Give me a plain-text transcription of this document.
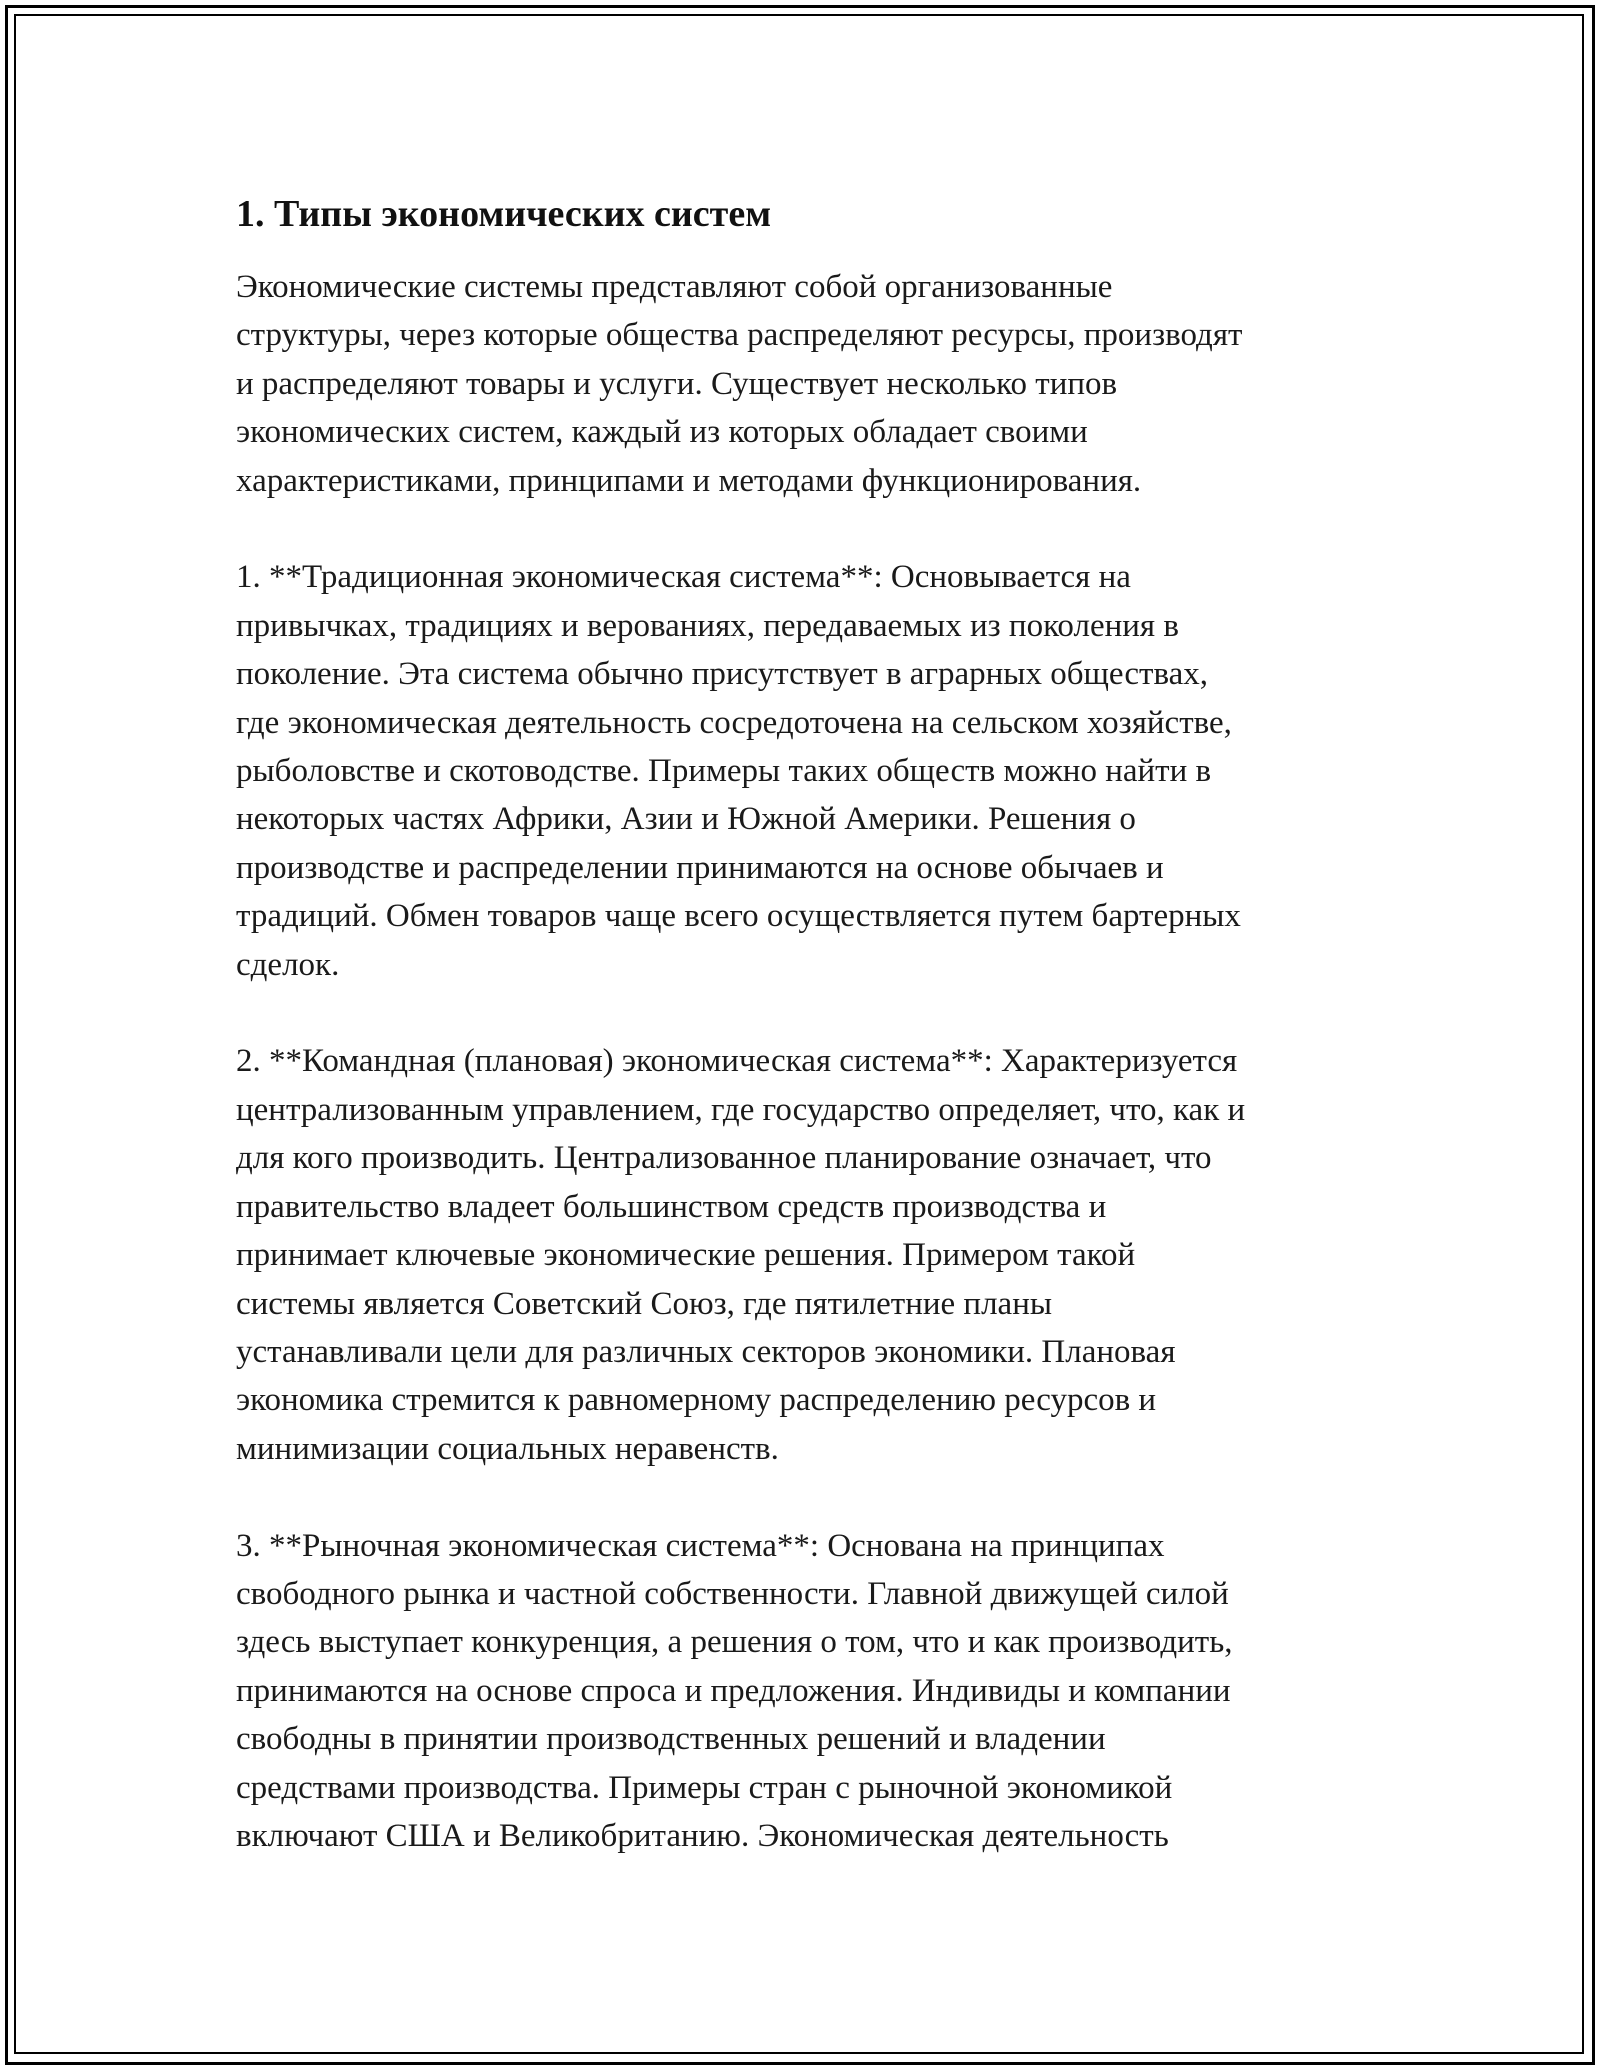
1. Типы экономических систем

Экономические системы представляют собой организованные
структуры, через которые общества распределяют ресурсы, производят
и распределяют товары и услуги. Существует несколько типов
экономических систем, каждый из которых обладает своими
характеристиками, принципами и методами функционирования.

1. **Традиционная экономическая система**: Основывается на
привычках, традициях и верованиях, передаваемых из поколения в
поколение. Эта система обычно присутствует в аграрных обществах,
где экономическая деятельность сосредоточена на сельском хозяйстве,
рыболовстве и скотоводстве. Примеры таких обществ можно найти в
некоторых частях Африки, Азии и Южной Америки. Решения о
производстве и распределении принимаются на основе обычаев и
традиций. Обмен товаров чаще всего осуществляется путем бартерных
сделок.

2. **Командная (плановая) экономическая система**: Характеризуется
централизованным управлением, где государство определяет, что, как и
для кого производить. Централизованное планирование означает, что
правительство владеет большинством средств производства и
принимает ключевые экономические решения. Примером такой
системы является Советский Союз, где пятилетние планы
устанавливали цели для различных секторов экономики. Плановая
экономика стремится к равномерному распределению ресурсов и
минимизации социальных неравенств.

3. **Рыночная экономическая система**: Основана на принципах
свободного рынка и частной собственности. Главной движущей силой
здесь выступает конкуренция, а решения о том, что и как производить,
принимаются на основе спроса и предложения. Индивиды и компании
свободны в принятии производственных решений и владении
средствами производства. Примеры стран с рыночной экономикой
включают США и Великобританию. Экономическая деятельность
